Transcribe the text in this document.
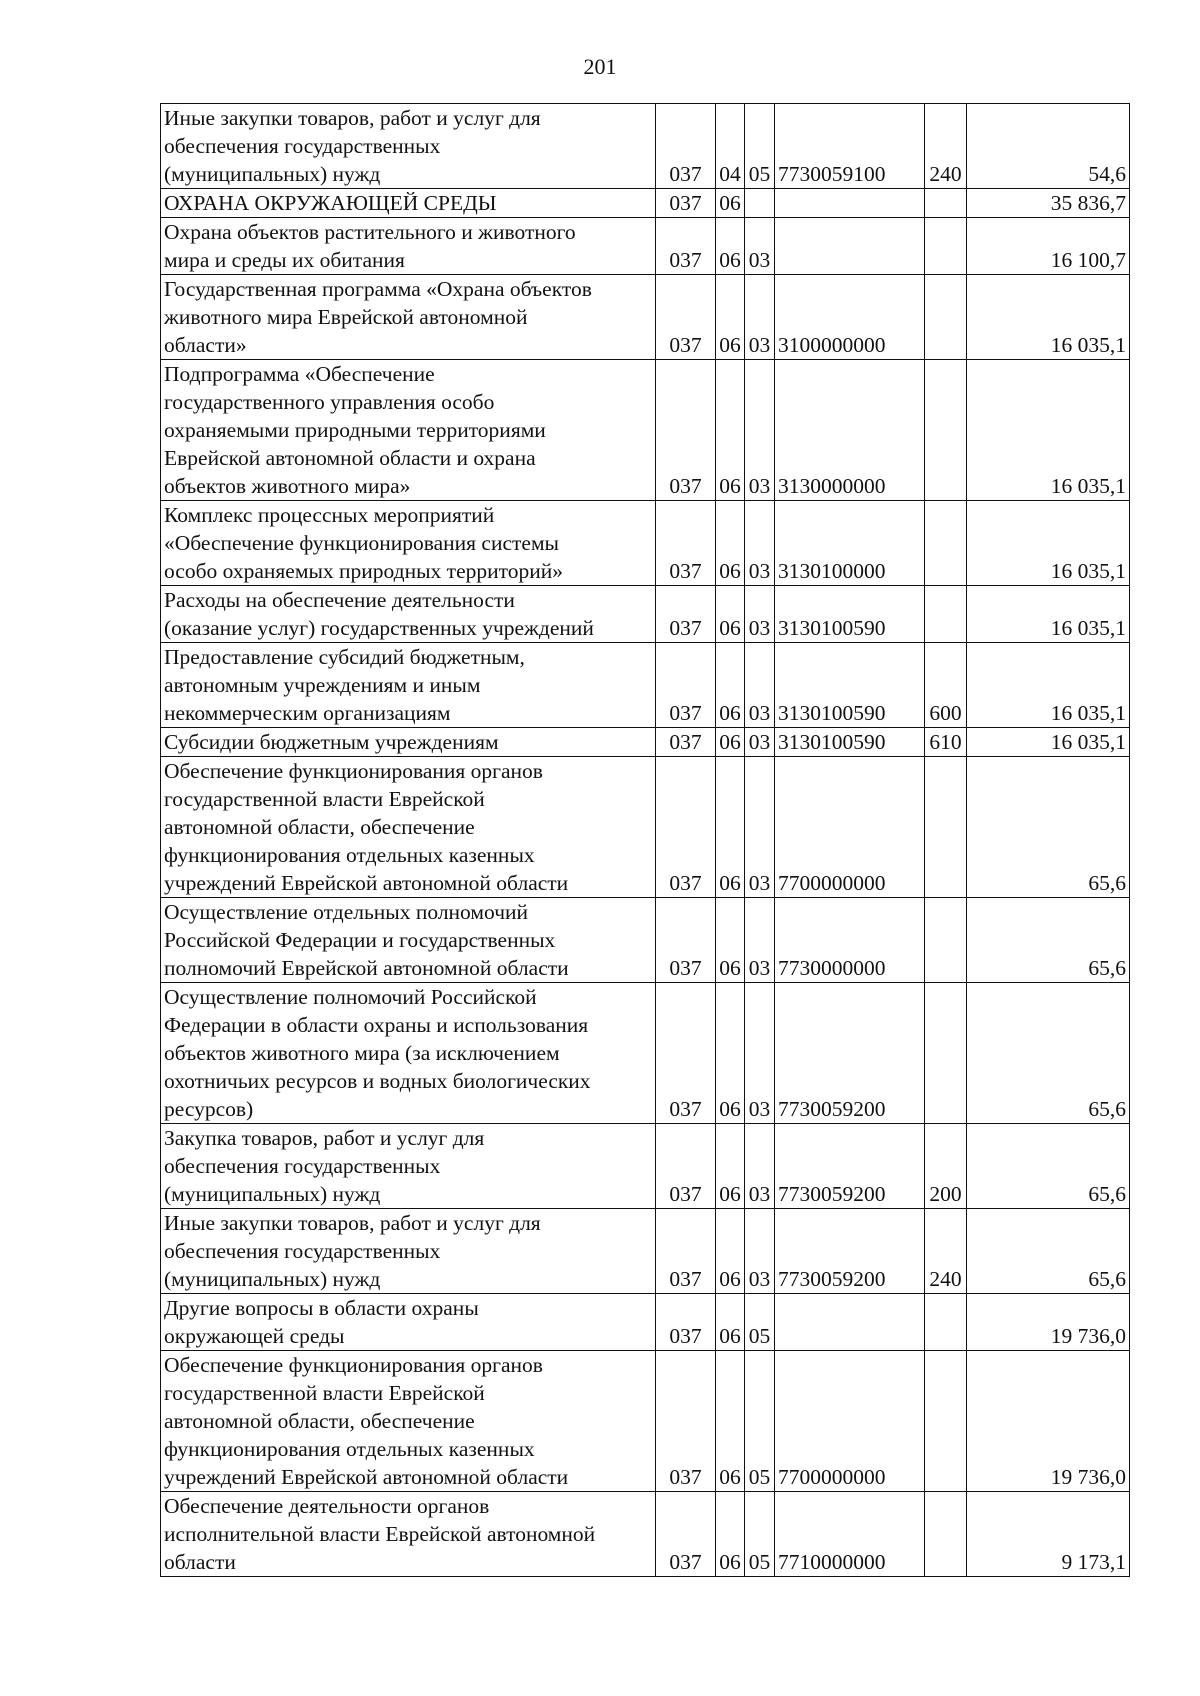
201
Иные закупки товаров, работ и услуг для
обеспечения государственных
(муниципальных) нужд	037	04	05	7730059100	240	54,6
ОХРАНА ОКРУЖАЮЩЕЙ СРЕДЫ	037	06				35 836,7
Охрана объектов растительного и животного
мира и среды их обитания	037	06	03			16 100,7
Государственная программа «Охрана объектов
животного мира Еврейской автономной
области»	037	06	03	3100000000		16 035,1
Подпрограмма «Обеспечение
государственного управления особо
охраняемыми природными территориями
Еврейской автономной области и охрана
объектов животного мира»	037	06	03	3130000000		16 035,1
Комплекс процессных мероприятий
«Обеспечение функционирования системы
особо охраняемых природных территорий»	037	06	03	3130100000		16 035,1
Расходы на обеспечение деятельности
(оказание услуг) государственных учреждений	037	06	03	3130100590		16 035,1
Предоставление субсидий бюджетным,
автономным учреждениям и иным
некоммерческим организациям	037	06	03	3130100590	600	16 035,1
Субсидии бюджетным учреждениям	037	06	03	3130100590	610	16 035,1
Обеспечение функционирования органов
государственной власти Еврейской
автономной области, обеспечение
функционирования отдельных казенных
учреждений Еврейской автономной области	037	06	03	7700000000		65,6
Осуществление отдельных полномочий
Российской Федерации и государственных
полномочий Еврейской автономной области	037	06	03	7730000000		65,6
Осуществление полномочий Российской
Федерации в области охраны и использования
объектов животного мира (за исключением
охотничьих ресурсов и водных биологических
ресурсов)	037	06	03	7730059200		65,6
Закупка товаров, работ и услуг для
обеспечения государственных
(муниципальных) нужд	037	06	03	7730059200	200	65,6
Иные закупки товаров, работ и услуг для
обеспечения государственных
(муниципальных) нужд	037	06	03	7730059200	240	65,6
Другие вопросы в области охраны
окружающей среды	037	06	05			19 736,0
Обеспечение функционирования органов
государственной власти Еврейской
автономной области, обеспечение
функционирования отдельных казенных
учреждений Еврейской автономной области	037	06	05	7700000000		19 736,0
Обеспечение деятельности органов
исполнительной власти Еврейской автономной
области	037	06	05	7710000000		9 173,1
